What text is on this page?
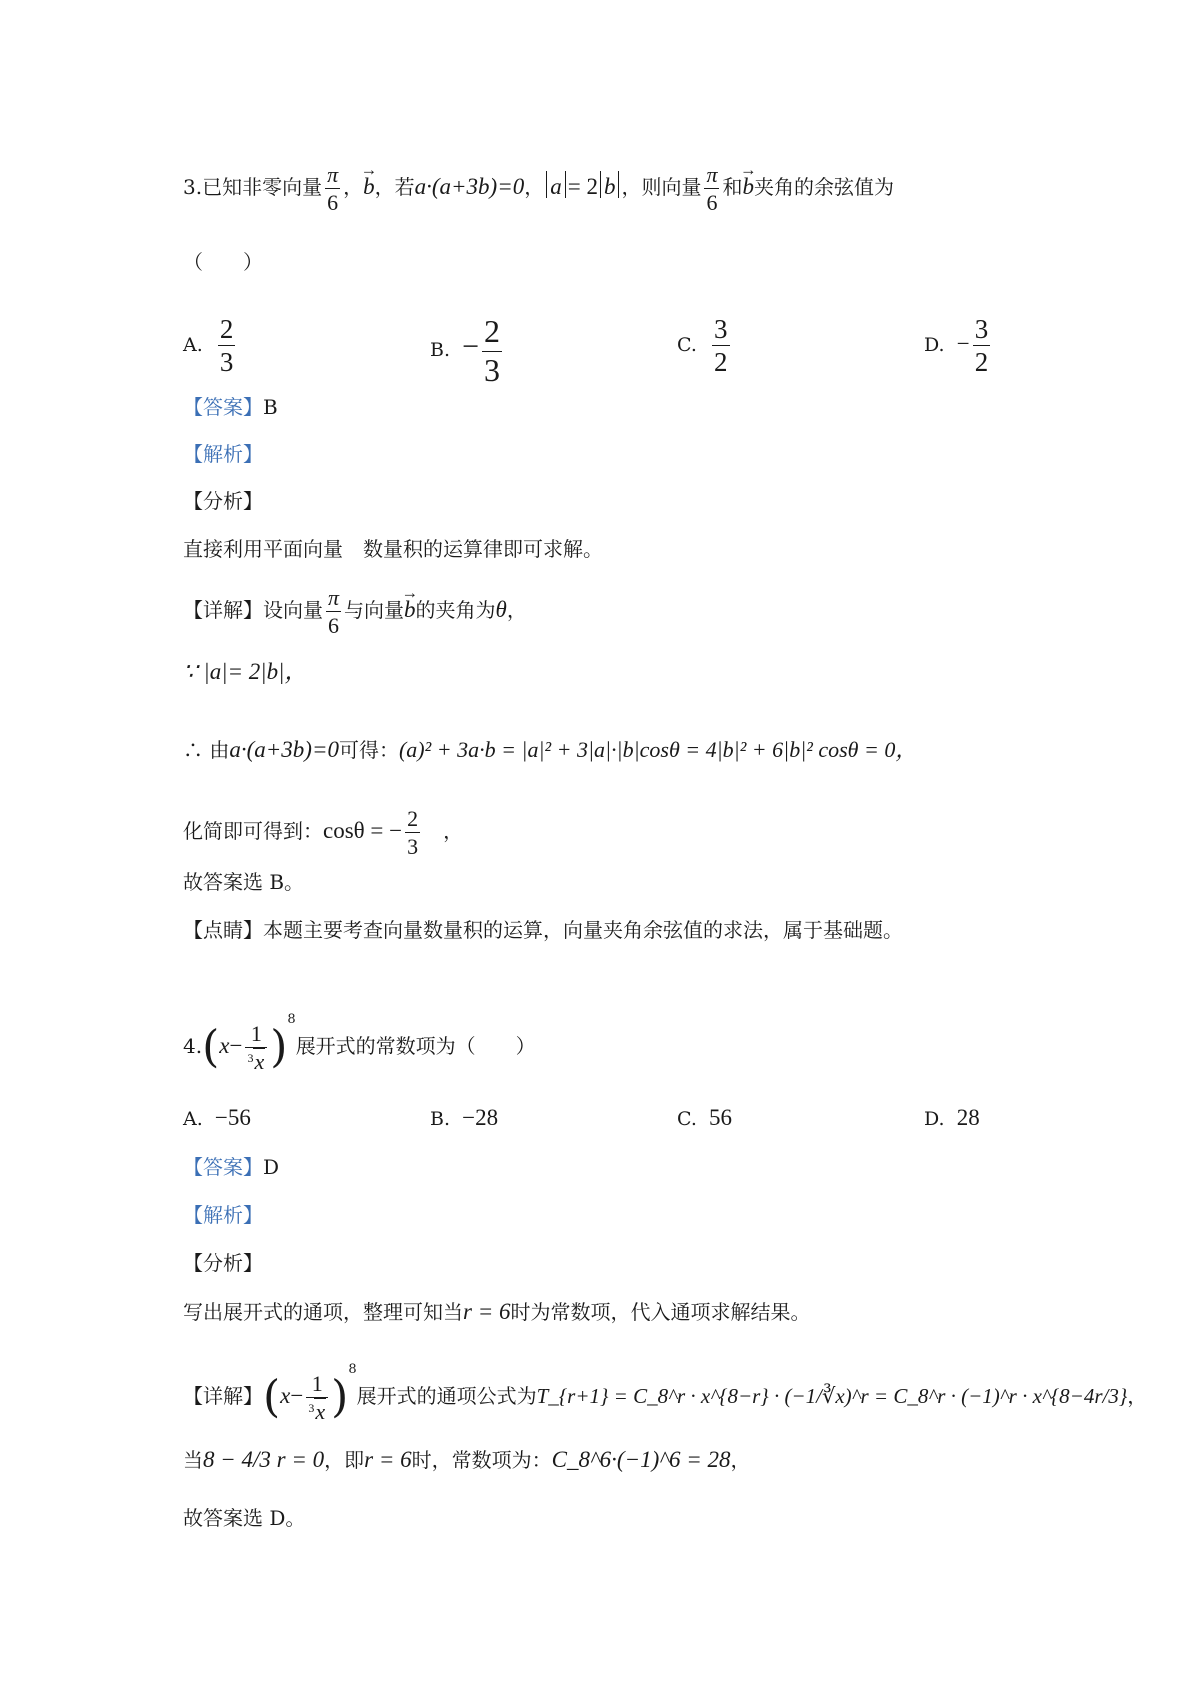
3.已知非零向量 $\frac{\pi}{6}$ ，→ b，若a·(a+3b)=0， a = 2 b ，则向量 $\frac{\pi}{6}$ 和→ b夹角的余弦值为
（　　）
A. $\frac{2}{3}$	B. − $\frac{2}{3}$	C. $\frac{3}{2}$	D. − $\frac{3}{2}$
【答案】B
【解析】
【分析】
直接利用平面向量　数量积的运算律即可求解。
【详解】设向量 $\frac{\pi}{6}$ 与向量→ b的夹角为θ，
∵ |a|= 2|b|，
∴ 由a·(a+3b)=0可得：(a)² + 3a·b = |a|² + 3|a|·|b|cosθ = 4|b|² + 6|b|² cosθ = 0，
化简即可得到：cosθ = − $\frac{2}{3}$ 　，
故答案选 B。
【点睛】本题主要考查向量数量积的运算，向量夹角余弦值的求法，属于基础题。
$4.(x- \frac{1}{^3x} )^8$展开式的常数项为（　　）
A. −56	B. −28	C. 56	D. 28
【答案】D
【解析】
【分析】
写出展开式的通项，整理可知当r = 6时为常数项，代入通项求解结果。
【详解】$(x- \frac{1}{^3x} )^8$展开式的通项公式为T_{r+1} = C_8^r · x^{8−r} · (−1/∛x)^r = C_8^r · (−1)^r · x^{8−4r/3}，
当8 − 4/3 r = 0，即r = 6时，常数项为：C_8^6·(−1)^6 = 28，
故答案选 D。
